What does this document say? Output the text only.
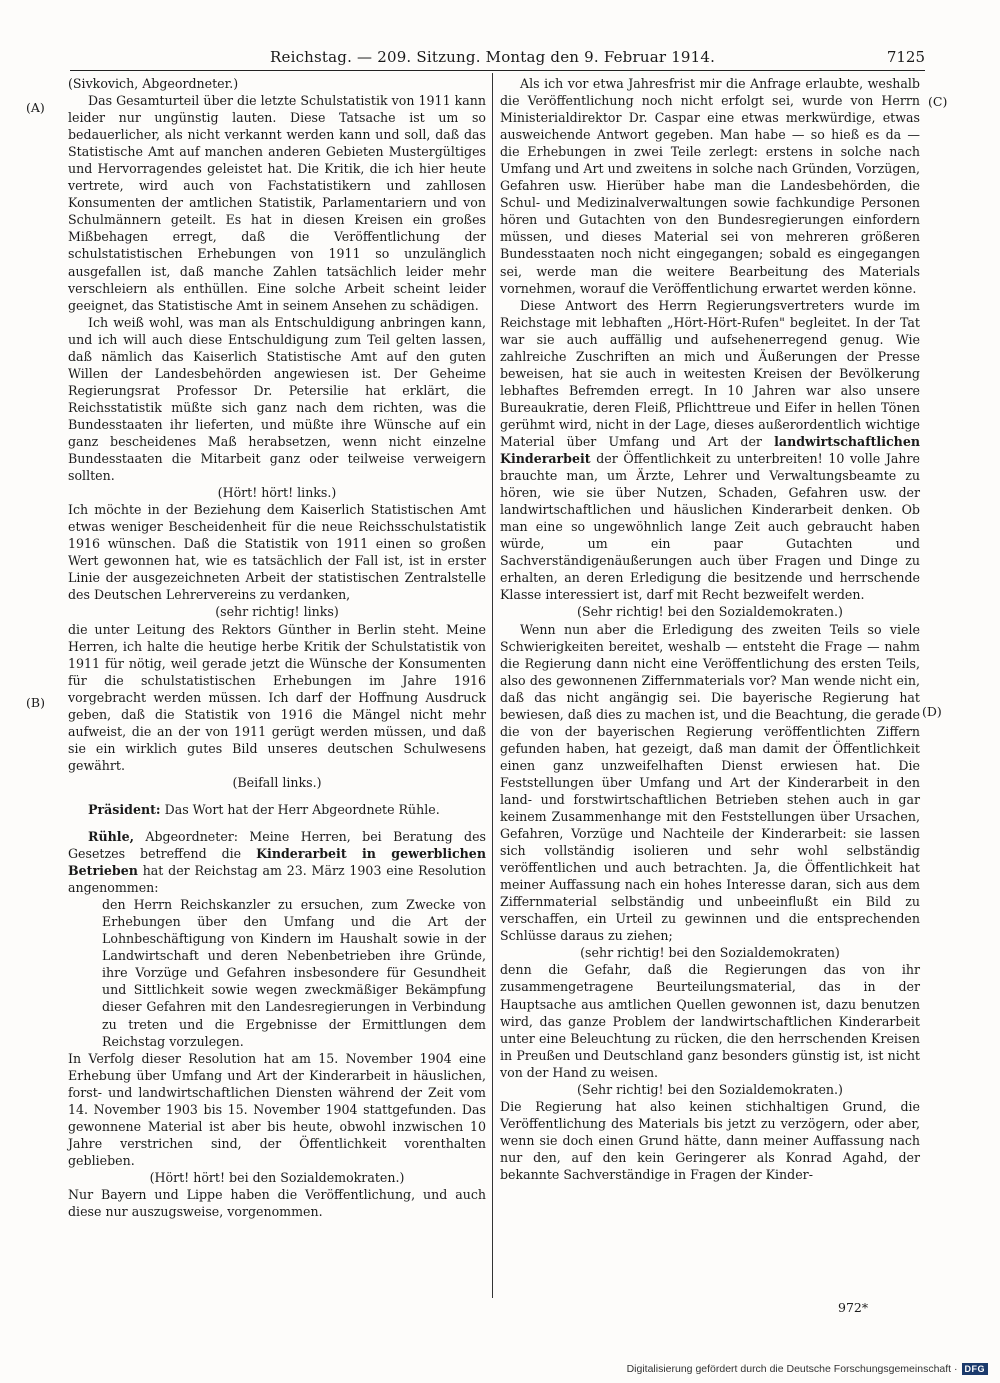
Reichstag. — 209. Sitzung. Montag den 9. Februar 1914.	7125
(A)
(B)
(C)
(D)

(Sivkovich, Abgeordneter.)

Das Gesamturteil über die letzte Schulstatistik von 1911 kann leider nur ungünstig lauten. Diese Tatsache ist um so bedauerlicher, als nicht verkannt werden kann und soll, daß das Statistische Amt auf manchen anderen Gebieten Mustergültiges und Hervorragendes geleistet hat. Die Kritik, die ich hier heute vertrete, wird auch von Fachstatistikern und zahllosen Konsumenten der amtlichen Statistik, Parlamentariern und von Schulmännern geteilt. Es hat in diesen Kreisen ein großes Mißbehagen erregt, daß die Veröffentlichung der schulstatistischen Erhebungen von 1911 so unzulänglich ausgefallen ist, daß manche Zahlen tatsächlich leider mehr verschleiern als enthüllen. Eine solche Arbeit scheint leider geeignet, das Statistische Amt in seinem Ansehen zu schädigen.

Ich weiß wohl, was man als Entschuldigung anbringen kann, und ich will auch diese Entschuldigung zum Teil gelten lassen, daß nämlich das Kaiserlich Statistische Amt auf den guten Willen der Landesbehörden angewiesen ist. Der Geheime Regierungsrat Professor Dr. Petersilie hat erklärt, die Reichsstatistik müßte sich ganz nach dem richten, was die Bundesstaaten ihr lieferten, und müßte ihre Wünsche auf ein ganz bescheidenes Maß herabsetzen, wenn nicht einzelne Bundesstaaten die Mitarbeit ganz oder teilweise verweigern sollten.

(Hört! hört! links.)

Ich möchte in der Beziehung dem Kaiserlich Statistischen Amt etwas weniger Bescheidenheit für die neue Reichsschulstatistik 1916 wünschen. Daß die Statistik von 1911 einen so großen Wert gewonnen hat, wie es tatsächlich der Fall ist, ist in erster Linie der ausgezeichneten Arbeit der statistischen Zentralstelle des Deutschen Lehrervereins zu verdanken,

(sehr richtig! links)

die unter Leitung des Rektors Günther in Berlin steht. Meine Herren, ich halte die heutige herbe Kritik der Schulstatistik von 1911 für nötig, weil gerade jetzt die Wünsche der Konsumenten für die schulstatistischen Erhebungen im Jahre 1916 vorgebracht werden müssen. Ich darf der Hoffnung Ausdruck geben, daß die Statistik von 1916 die Mängel nicht mehr aufweist, die an der von 1911 gerügt werden müssen, und daß sie ein wirklich gutes Bild unseres deutschen Schulwesens gewährt.

(Beifall links.)

Präsident: Das Wort hat der Herr Abgeordnete Rühle.

Rühle, Abgeordneter: Meine Herren, bei Beratung des Gesetzes betreffend die Kinderarbeit in gewerblichen Betrieben hat der Reichstag am 23. März 1903 eine Resolution angenommen:

den Herrn Reichskanzler zu ersuchen, zum Zwecke von Erhebungen über den Umfang und die Art der Lohnbeschäftigung von Kindern im Haushalt sowie in der Landwirtschaft und deren Nebenbetrieben ihre Gründe, ihre Vorzüge und Gefahren insbesondere für Gesundheit und Sittlichkeit sowie wegen zweckmäßiger Bekämpfung dieser Gefahren mit den Landesregierungen in Verbindung zu treten und die Ergebnisse der Ermittlungen dem Reichstag vorzulegen.

In Verfolg dieser Resolution hat am 15. November 1904 eine Erhebung über Umfang und Art der Kinderarbeit in häuslichen, forst- und landwirtschaftlichen Diensten während der Zeit vom 14. November 1903 bis 15. November 1904 stattgefunden. Das gewonnene Material ist aber bis heute, obwohl inzwischen 10 Jahre verstrichen sind, der Öffentlichkeit vorenthalten geblieben.

(Hört! hört! bei den Sozialdemokraten.)

Nur Bayern und Lippe haben die Veröffentlichung, und auch diese nur auszugsweise, vorgenommen.

Als ich vor etwa Jahresfrist mir die Anfrage erlaubte, weshalb die Veröffentlichung noch nicht erfolgt sei, wurde von Herrn Ministerialdirektor Dr. Caspar eine etwas merkwürdige, etwas ausweichende Antwort gegeben. Man habe — so hieß es da — die Erhebungen in zwei Teile zerlegt: erstens in solche nach Umfang und Art und zweitens in solche nach Gründen, Vorzügen, Gefahren usw. Hierüber habe man die Landesbehörden, die Schul- und Medizinalverwaltungen sowie fachkundige Personen hören und Gutachten von den Bundesregierungen einfordern müssen, und dieses Material sei von mehreren größeren Bundesstaaten noch nicht eingegangen; sobald es eingegangen sei, werde man die weitere Bearbeitung des Materials vornehmen, worauf die Veröffentlichung erwartet werden könne.

Diese Antwort des Herrn Regierungsvertreters wurde im Reichstage mit lebhaften „Hört-Hört-Rufen" begleitet. In der Tat war sie auch auffällig und aufsehenerregend genug. Wie zahlreiche Zuschriften an mich und Äußerungen der Presse beweisen, hat sie auch in weitesten Kreisen der Bevölkerung lebhaftes Befremden erregt. In 10 Jahren war also unsere Bureaukratie, deren Fleiß, Pflichttreue und Eifer in hellen Tönen gerühmt wird, nicht in der Lage, dieses außerordentlich wichtige Material über Umfang und Art der landwirtschaftlichen Kinderarbeit der Öffentlichkeit zu unterbreiten! 10 volle Jahre brauchte man, um Ärzte, Lehrer und Verwaltungsbeamte zu hören, wie sie über Nutzen, Schaden, Gefahren usw. der landwirtschaftlichen und häuslichen Kinderarbeit denken. Ob man eine so ungewöhnlich lange Zeit auch gebraucht haben würde, um ein paar Gutachten und Sachverständigenäußerungen auch über Fragen und Dinge zu erhalten, an deren Erledigung die besitzende und herrschende Klasse interessiert ist, darf mit Recht bezweifelt werden.

(Sehr richtig! bei den Sozialdemokraten.)

Wenn nun aber die Erledigung des zweiten Teils so viele Schwierigkeiten bereitet, weshalb — entsteht die Frage — nahm die Regierung dann nicht eine Veröffentlichung des ersten Teils, also des gewonnenen Ziffernmaterials vor? Man wende nicht ein, daß das nicht angängig sei. Die bayerische Regierung hat bewiesen, daß dies zu machen ist, und die Beachtung, die gerade die von der bayerischen Regierung veröffentlichten Ziffern gefunden haben, hat gezeigt, daß man damit der Öffentlichkeit einen ganz unzweifelhaften Dienst erwiesen hat. Die Feststellungen über Umfang und Art der Kinderarbeit in den land- und forstwirtschaftlichen Betrieben stehen auch in gar keinem Zusammenhange mit den Feststellungen über Ursachen, Gefahren, Vorzüge und Nachteile der Kinderarbeit: sie lassen sich vollständig isolieren und sehr wohl selbständig veröffentlichen und auch betrachten. Ja, die Öffentlichkeit hat meiner Auffassung nach ein hohes Interesse daran, sich aus dem Ziffernmaterial selbständig und unbeeinflußt ein Bild zu verschaffen, ein Urteil zu gewinnen und die entsprechenden Schlüsse daraus zu ziehen;

(sehr richtig! bei den Sozialdemokraten)

denn die Gefahr, daß die Regierungen das von ihr zusammengetragene Beurteilungsmaterial, das in der Hauptsache aus amtlichen Quellen gewonnen ist, dazu benutzen wird, das ganze Problem der landwirtschaftlichen Kinderarbeit unter eine Beleuchtung zu rücken, die den herrschenden Kreisen in Preußen und Deutschland ganz besonders günstig ist, ist nicht von der Hand zu weisen.

(Sehr richtig! bei den Sozialdemokraten.)

Die Regierung hat also keinen stichhaltigen Grund, die Veröffentlichung des Materials bis jetzt zu verzögern, oder aber, wenn sie doch einen Grund hätte, dann meiner Auffassung nach nur den, auf den kein Geringerer als Konrad Agahd, der bekannte Sachverständige in Fragen der Kinder-

972*
Digitalisierung gefördert durch die Deutsche Forschungsgemeinschaft · DFG
